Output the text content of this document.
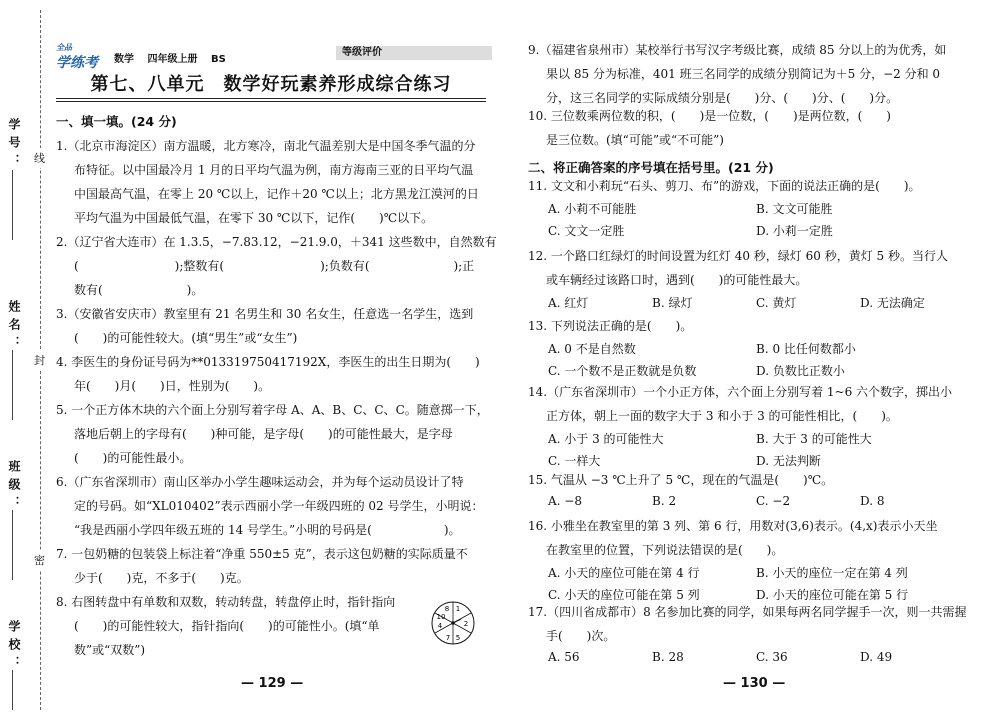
学号：
姓名：
班级：
学校：
线
封
密
全品
学练考 数学 四年级上册 BS
等级评价
第七、八单元　数学好玩素养形成综合练习
一、填一填。(24 分)
1.（北京市海淀区）南方温暖，北方寒冷，南北气温差别大是中国冬季气温的分
布特征。以中国最冷月 1 月的日平均气温为例，南方海南三亚的日平均气温
中国最高气温，在零上 20 ℃以上，记作＋20 ℃以上；北方黑龙江漠河的日
平均气温为中国最低气温，在零下 30 ℃以下，记作(　　)℃以下。
2.（辽宁省大连市）在 1.3.5，−7.83.12，−21.9.0，＋341 这些数中，自然数有
(　　　　　　　　);整数有(　　　　　　　　);负数有(　　　　　　　);正
数有(　　　　　　　)。
3.（安徽省安庆市）教室里有 21 名男生和 30 名女生，任意选一名学生，选到
(　　)的可能性较大。(填“男生”或“女生”)
4. 李医生的身份证号码为**013319750417192X，李医生的出生日期为(　　)
年(　　)月(　　)日，性别为(　　)。
5. 一个正方体木块的六个面上分别写着字母 A、A、B、C、C、C。随意掷一下，
落地后朝上的字母有(　　)种可能，是字母(　　)的可能性最大，是字母
(　　)的可能性最小。
6.（广东省深圳市）南山区举办小学生趣味运动会，并为每个运动员设计了特
定的号码。如“XL010402”表示西丽小学一年级四班的 02 号学生，小明说：
“我是西丽小学四年级五班的 14 号学生。”小明的号码是(　　　　　　)。
7. 一包奶糖的包装袋上标注着“净重 550±5 克”，表示这包奶糖的实际质量不
少于(　　)克，不多于(　　)克。
8. 右图转盘中有单数和双数，转动转盘，转盘停止时，指针指向
(　　)的可能性较大，指针指向(　　)的可能性小。(填“单
数”或“双数”)
1
2
5
7
4
8
10
— 129 —
9.（福建省泉州市）某校举行书写汉字考级比赛，成绩 85 分以上的为优秀，如
果以 85 分为标准，401 班三名同学的成绩分别简记为＋5 分，−2 分和 0
分，这三名同学的实际成绩分别是(　　)分、(　　)分、(　　)分。
10. 三位数乘两位数的积，(　　)是一位数，(　　)是两位数，(　　)
是三位数。(填“可能”或“不可能”)
二、将正确答案的序号填在括号里。(21 分)
11. 文文和小莉玩“石头、剪刀、布”的游戏，下面的说法正确的是(　　)。
A. 小莉不可能胜	B. 文文可能胜
C. 文文一定胜	D. 小莉一定胜
12. 一个路口红绿灯的时间设置为红灯 40 秒，绿灯 60 秒，黄灯 5 秒。当行人
或车辆经过该路口时，遇到(　　)的可能性最大。
A. 红灯	B. 绿灯	C. 黄灯	D. 无法确定
13. 下列说法正确的是(　　)。
A. 0 不是自然数	B. 0 比任何数都小
C. 一个数不是正数就是负数	D. 负数比正数小
14.（广东省深圳市）一个小正方体，六个面上分别写着 1~6 六个数字，掷出小
正方体，朝上一面的数字大于 3 和小于 3 的可能性相比，(　　)。
A. 小于 3 的可能性大	B. 大于 3 的可能性大
C. 一样大	D. 无法判断
15. 气温从 −3 ℃上升了 5 ℃，现在的气温是(　　)℃。
A. −8	B. 2	C. −2	D. 8
16. 小雅坐在教室里的第 3 列、第 6 行，用数对(3,6)表示。(4,x)表示小天坐
在教室里的位置，下列说法错误的是(　　)。
A. 小天的座位可能在第 4 行	B. 小天的座位一定在第 4 列
C. 小天的座位可能在第 5 列	D. 小天的座位可能在第 5 行
17.（四川省成都市）8 名参加比赛的同学，如果每两名同学握手一次，则一共需握
手(　　)次。
A. 56	B. 28	C. 36	D. 49
— 130 —
